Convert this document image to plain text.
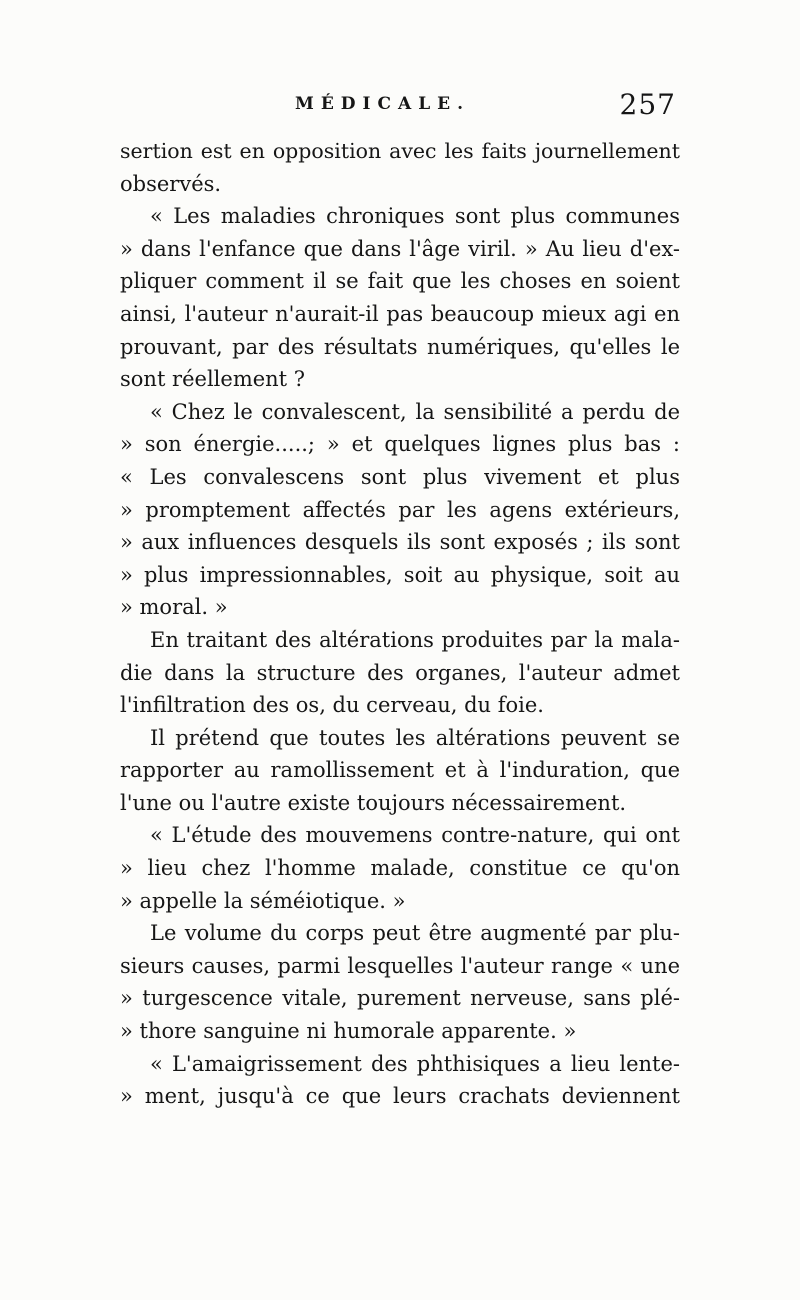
MÉDICALE.	257
sertion est en opposition avec les faits journellement
observés.
« Les maladies chroniques sont plus communes
» dans l'enfance que dans l'âge viril. » Au lieu d'ex-
pliquer comment il se fait que les choses en soient
ainsi, l'auteur n'aurait-il pas beaucoup mieux agi en
prouvant, par des résultats numériques, qu'elles le
sont réellement ?
« Chez le convalescent, la sensibilité a perdu de
» son énergie.....; » et quelques lignes plus bas :
« Les convalescens sont plus vivement et plus
» promptement affectés par les agens extérieurs,
» aux influences desquels ils sont exposés ; ils sont
» plus impressionnables, soit au physique, soit au
» moral. »
En traitant des altérations produites par la mala-
die dans la structure des organes, l'auteur admet
l'infiltration des os, du cerveau, du foie.
Il prétend que toutes les altérations peuvent se
rapporter au ramollissement et à l'induration, que
l'une ou l'autre existe toujours nécessairement.
« L'étude des mouvemens contre-nature, qui ont
» lieu chez l'homme malade, constitue ce qu'on
» appelle la séméiotique. »
Le volume du corps peut être augmenté par plu-
sieurs causes, parmi lesquelles l'auteur range « une
» turgescence vitale, purement nerveuse, sans plé-
» thore sanguine ni humorale apparente. »
« L'amaigrissement des phthisiques a lieu lente-
» ment, jusqu'à ce que leurs crachats deviennent
